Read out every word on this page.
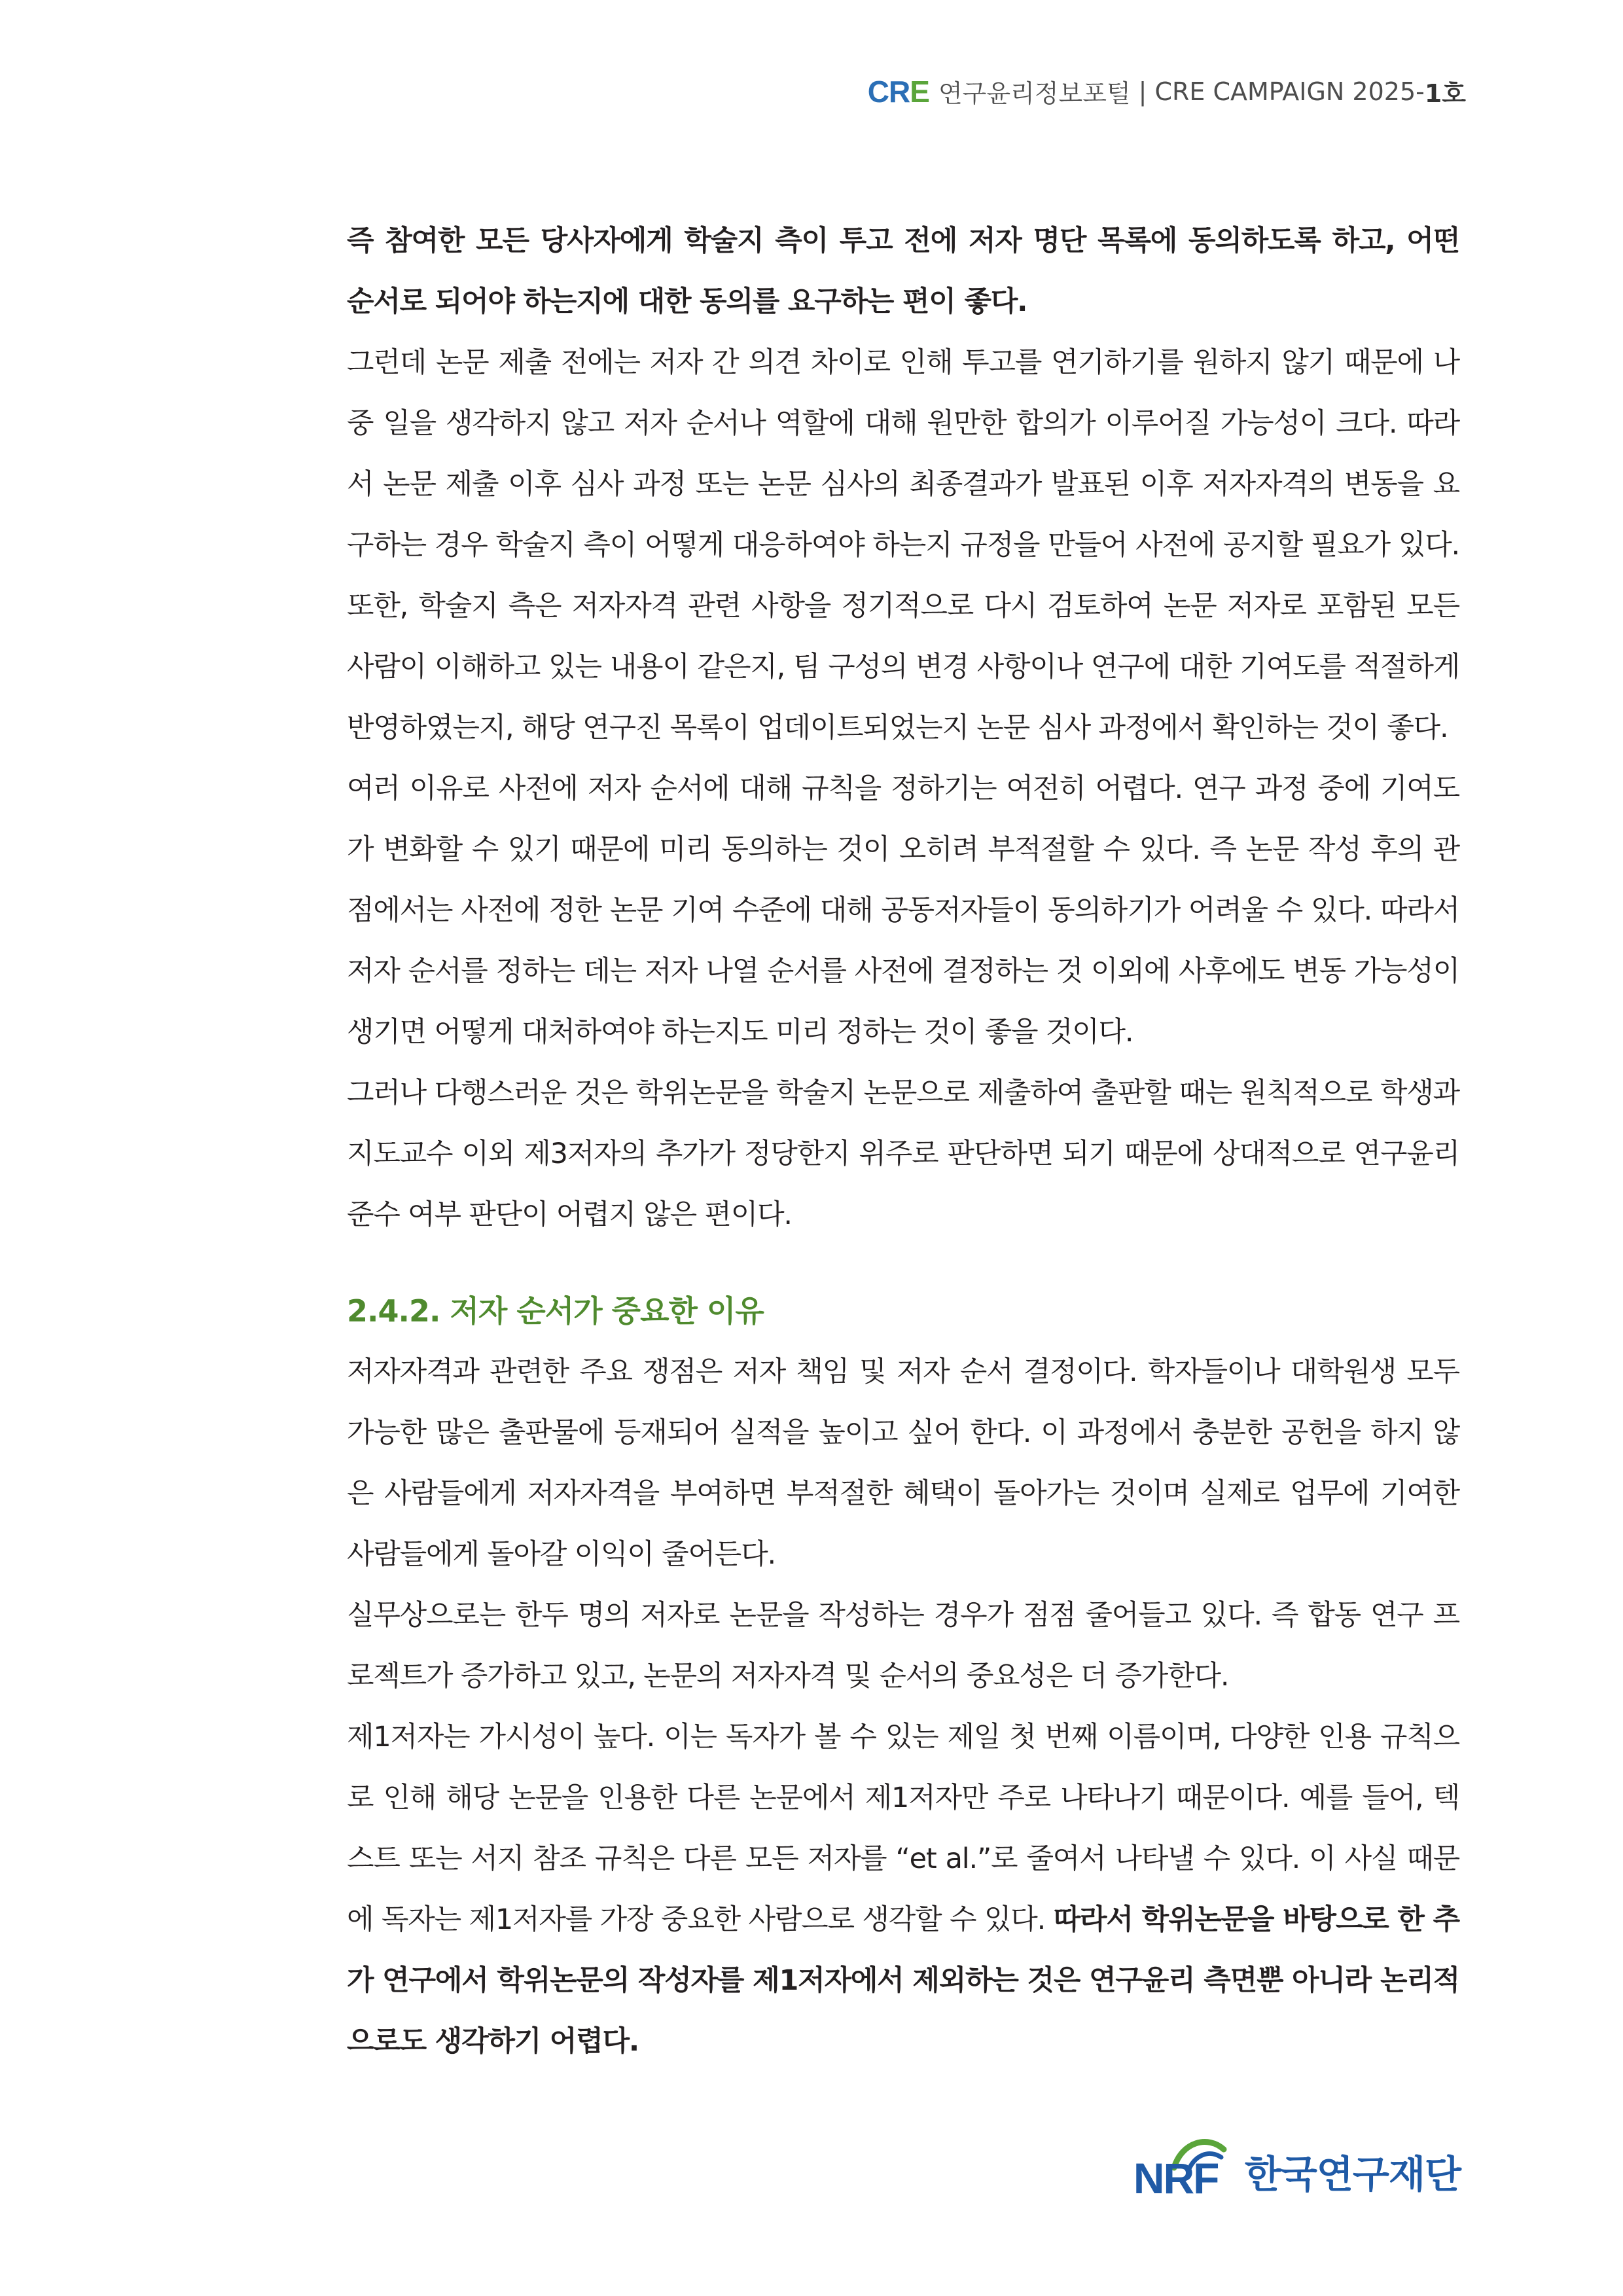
CRE 연구윤리정보포털 | CRE CAMPAIGN 2025- 1호

즉 참여한 모든 당사자에게 학술지 측이 투고 전에 저자 명단 목록에 동의하도록 하고, 어떤 순서로 되어야 하는지에 대한 동의를 요구하는 편이 좋다.

그런데 논문 제출 전에는 저자 간 의견 차이로 인해 투고를 연기하기를 원하지 않기 때문에 나중 일을 생각하지 않고 저자 순서나 역할에 대해 원만한 합의가 이루어질 가능성이 크다. 따라서 논문 제출 이후 심사 과정 또는 논문 심사의 최종결과가 발표된 이후 저자자격의 변동을 요구하는 경우 학술지 측이 어떻게 대응하여야 하는지 규정을 만들어 사전에 공지할 필요가 있다. 또한, 학술지 측은 저자자격 관련 사항을 정기적으로 다시 검토하여 논문 저자로 포함된 모든 사람이 이해하고 있는 내용이 같은지, 팀 구성의 변경 사항이나 연구에 대한 기여도를 적절하게 반영하였는지, 해당 연구진 목록이 업데이트되었는지 논문 심사 과정에서 확인하는 것이 좋다.

여러 이유로 사전에 저자 순서에 대해 규칙을 정하기는 여전히 어렵다. 연구 과정 중에 기여도가 변화할 수 있기 때문에 미리 동의하는 것이 오히려 부적절할 수 있다. 즉 논문 작성 후의 관점에서는 사전에 정한 논문 기여 수준에 대해 공동저자들이 동의하기가 어려울 수 있다. 따라서 저자 순서를 정하는 데는 저자 나열 순서를 사전에 결정하는 것 이외에 사후에도 변동 가능성이 생기면 어떻게 대처하여야 하는지도 미리 정하는 것이 좋을 것이다.

그러나 다행스러운 것은 학위논문을 학술지 논문으로 제출하여 출판할 때는 원칙적으로 학생과 지도교수 이외 제3저자의 추가가 정당한지 위주로 판단하면 되기 때문에 상대적으로 연구윤리 준수 여부 판단이 어렵지 않은 편이다.

2.4.2. 저자 순서가 중요한 이유

저자자격과 관련한 주요 쟁점은 저자 책임 및 저자 순서 결정이다. 학자들이나 대학원생 모두 가능한 많은 출판물에 등재되어 실적을 높이고 싶어 한다. 이 과정에서 충분한 공헌을 하지 않은 사람들에게 저자자격을 부여하면 부적절한 혜택이 돌아가는 것이며 실제로 업무에 기여한 사람들에게 돌아갈 이익이 줄어든다.

실무상으로는 한두 명의 저자로 논문을 작성하는 경우가 점점 줄어들고 있다. 즉 합동 연구 프로젝트가 증가하고 있고, 논문의 저자자격 및 순서의 중요성은 더 증가한다.

제1저자는 가시성이 높다. 이는 독자가 볼 수 있는 제일 첫 번째 이름이며, 다양한 인용 규칙으로 인해 해당 논문을 인용한 다른 논문에서 제1저자만 주로 나타나기 때문이다. 예를 들어, 텍스트 또는 서지 참조 규칙은 다른 모든 저자를 “et al.”로 줄여서 나타낼 수 있다. 이 사실 때문에 독자는 제1저자를 가장 중요한 사람으로 생각할 수 있다. 따라서 학위논문을 바탕으로 한 추가 연구에서 학위논문의 작성자를 제1저자에서 제외하는 것은 연구윤리 측면뿐 아니라 논리적으로도 생각하기 어렵다.

NRF 한국연구재단
